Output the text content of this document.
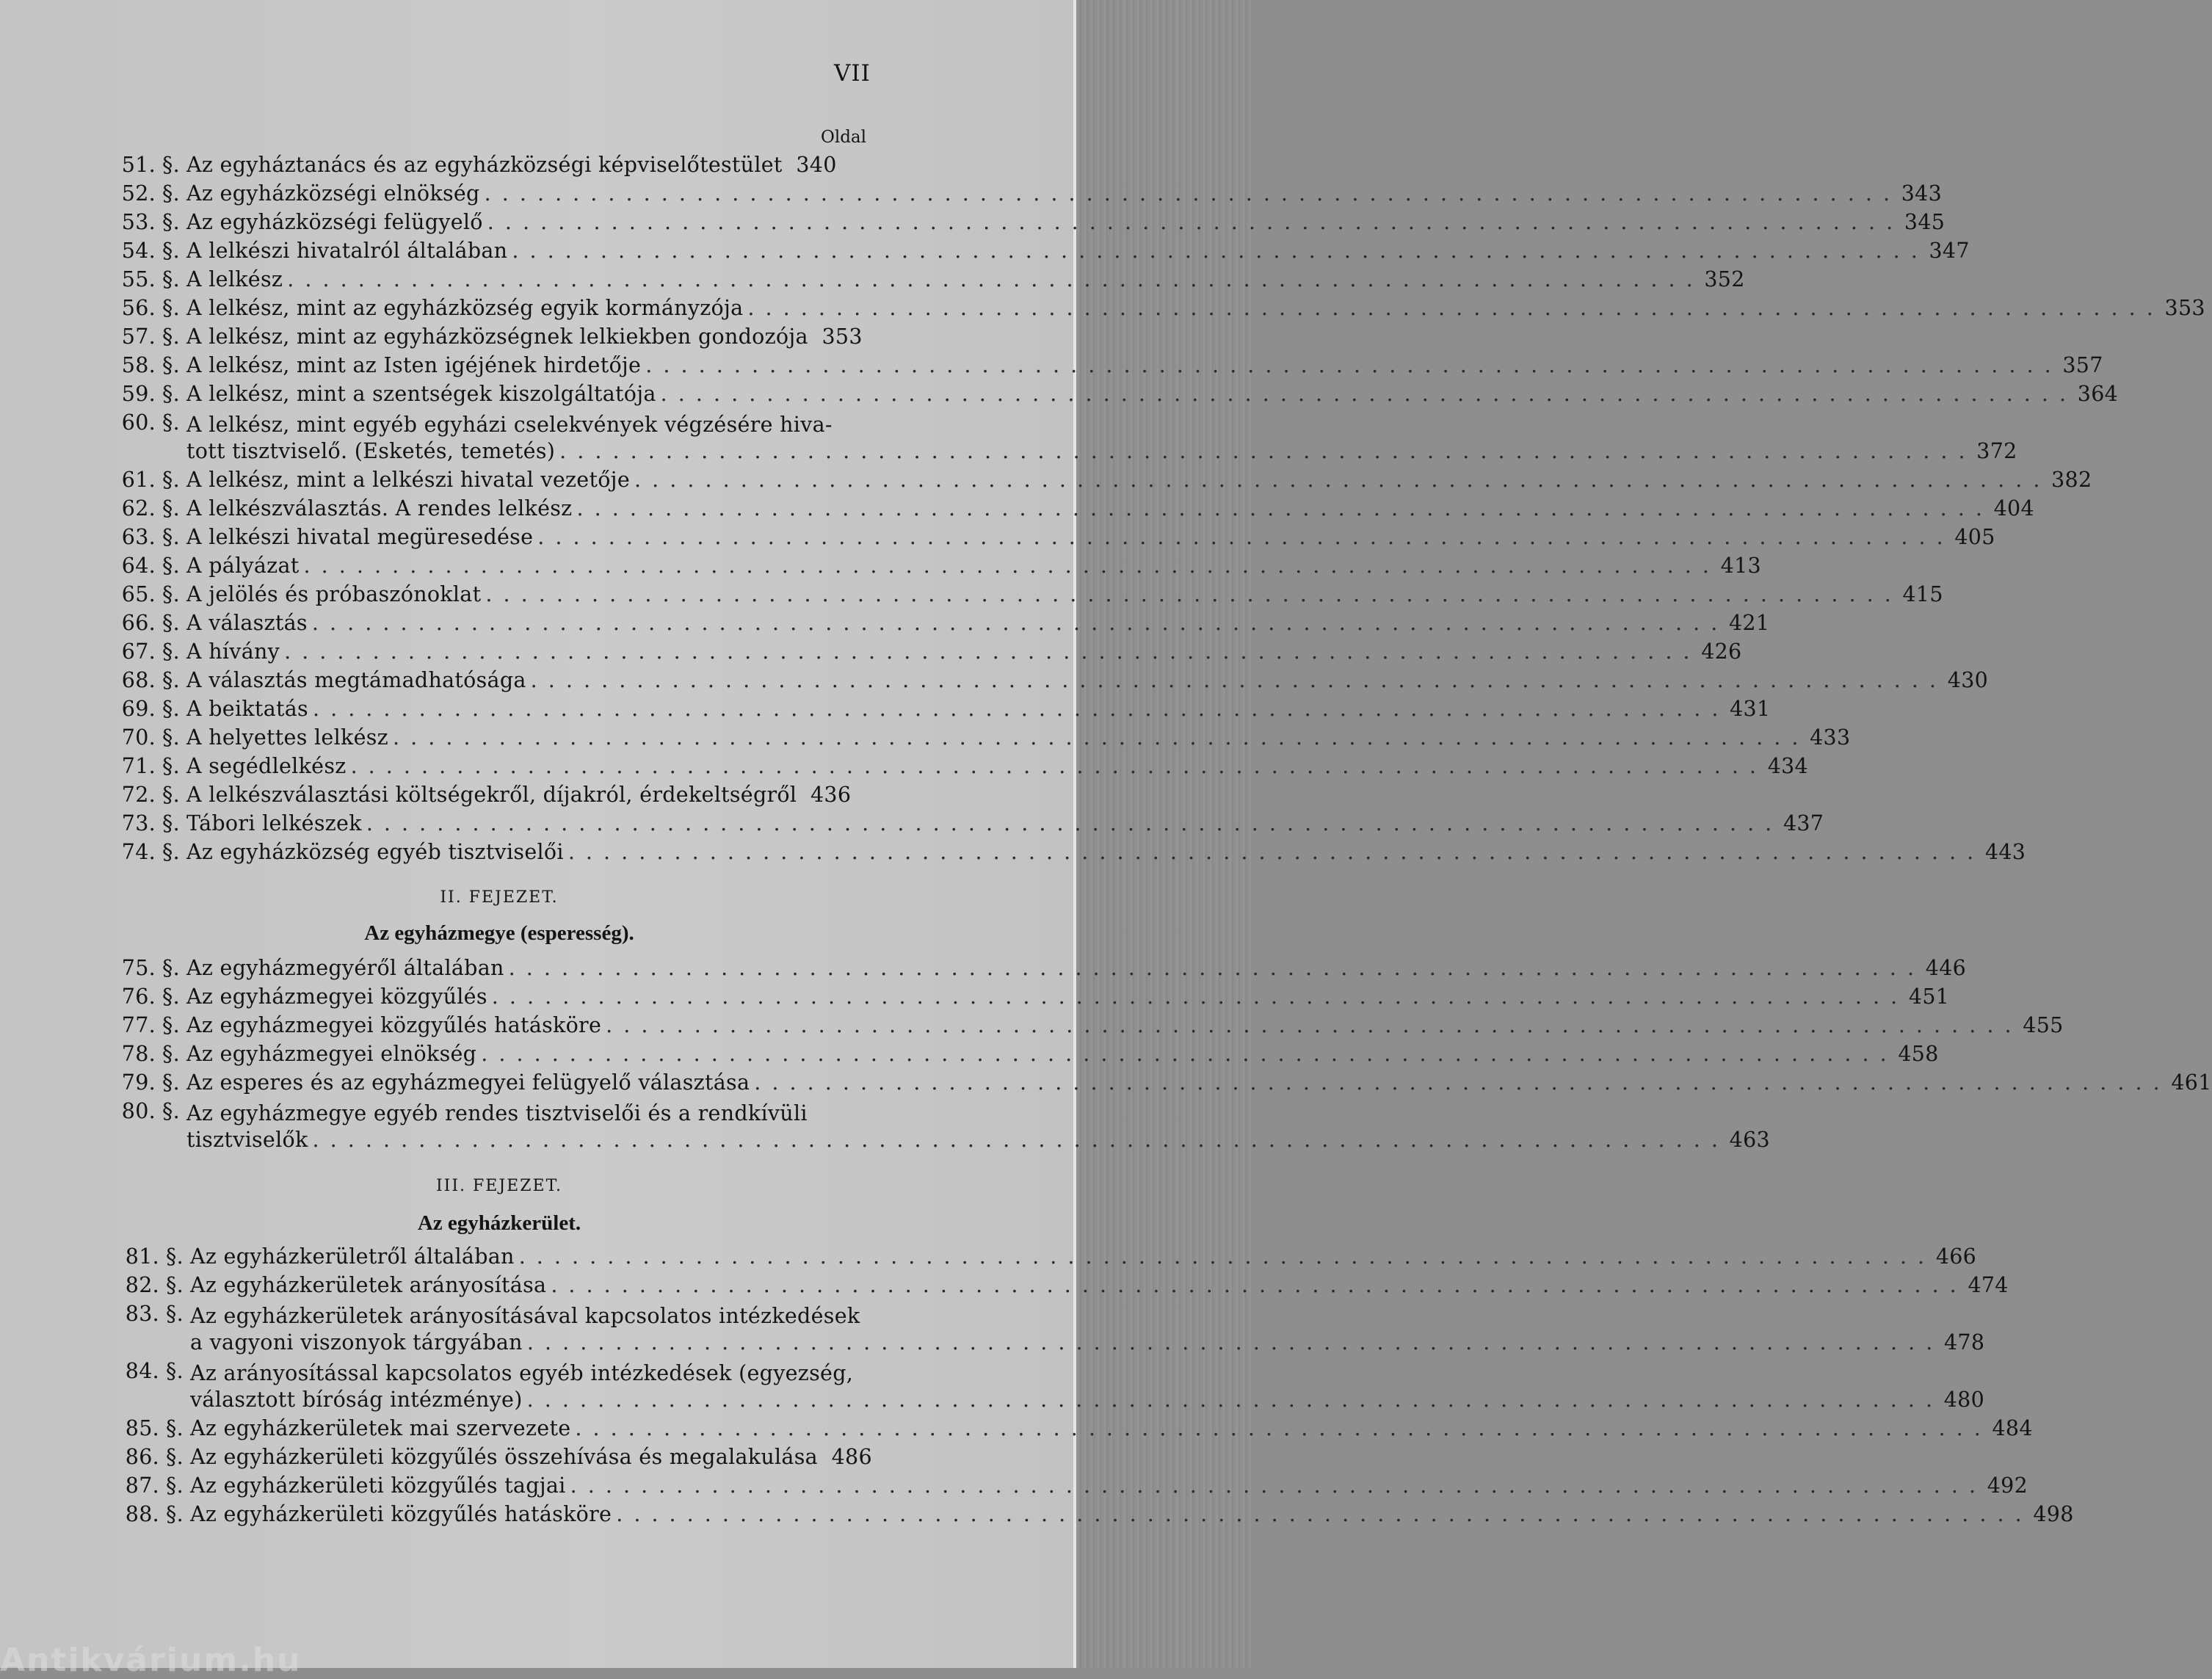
VII
Oldal
51. §. Az egyháztanács és az egyházközségi képviselőtestület 340
52. §. Az egyházközségi elnökség . . .	343
53. §. Az egyházközségi felügyelő . . .	345
54. §. A lelkészi hivatalról általában . . .	347
55. §. A lelkész . . .	352
56. §. A lelkész, mint az egyházközség egyik kormányzója . . .	353
57. §. A lelkész, mint az egyházközségnek lelkiekben gondozója 353
58. §. A lelkész, mint az Isten igéjének hirdetője . . .	357
59. §. A lelkész, mint a szentségek kiszolgáltatója . . .	364
60. §. A lelkész, mint egyéb egyházi cselekvények végzésére hiva-
tott tisztviselő. (Esketés, temetés) . . .	372
61. §. A lelkész, mint a lelkészi hivatal vezetője . . .	382
62. §. A lelkészválasztás. A rendes lelkész . . .	404
63. §. A lelkészi hivatal megüresedése . . .	405
64. §. A pályázat . . .	413
65. §. A jelölés és próbaszónoklat . . .	415
66. §. A választás . . .	421
67. §. A hívány . . .	426
68. §. A választás megtámadhatósága . . .	430
69. §. A beiktatás . . .	431
70. §. A helyettes lelkész . . .	433
71. §. A segédlelkész . . .	434
72. §. A lelkészválasztási költségekről, díjakról, érdekeltségről 436
73. §. Tábori lelkészek . . .	437
74. §. Az egyházközség egyéb tisztviselői . . .	443
II. FEJEZET.
Az egyházmegye (esperesség).
75. §. Az egyházmegyéről általában . . .	446
76. §. Az egyházmegyei közgyűlés . . .	451
77. §. Az egyházmegyei közgyűlés hatásköre . . .	455
78. §. Az egyházmegyei elnökség . . .	458
79. §. Az esperes és az egyházmegyei felügyelő választása . . .	461
80. §. Az egyházmegye egyéb rendes tisztviselői és a rendkívüli
tisztviselők . . .	463
III. FEJEZET.
Az egyházkerület.
81. §. Az egyházkerületről általában . . .	466
82. §. Az egyházkerületek arányosítása . . .	474
83. §. Az egyházkerületek arányosításával kapcsolatos intézkedések
a vagyoni viszonyok tárgyában . . .	478
84. §. Az arányosítással kapcsolatos egyéb intézkedések (egyezség,
választott bíróság intézménye) . . .	480
85. §. Az egyházkerületek mai szervezete . . .	484
86. §. Az egyházkerületi közgyűlés összehívása és megalakulása 486
87. §. Az egyházkerületi közgyűlés tagjai . . .	492
88. §. Az egyházkerületi közgyűlés hatásköre . . .	498
Antikvárium.hu
